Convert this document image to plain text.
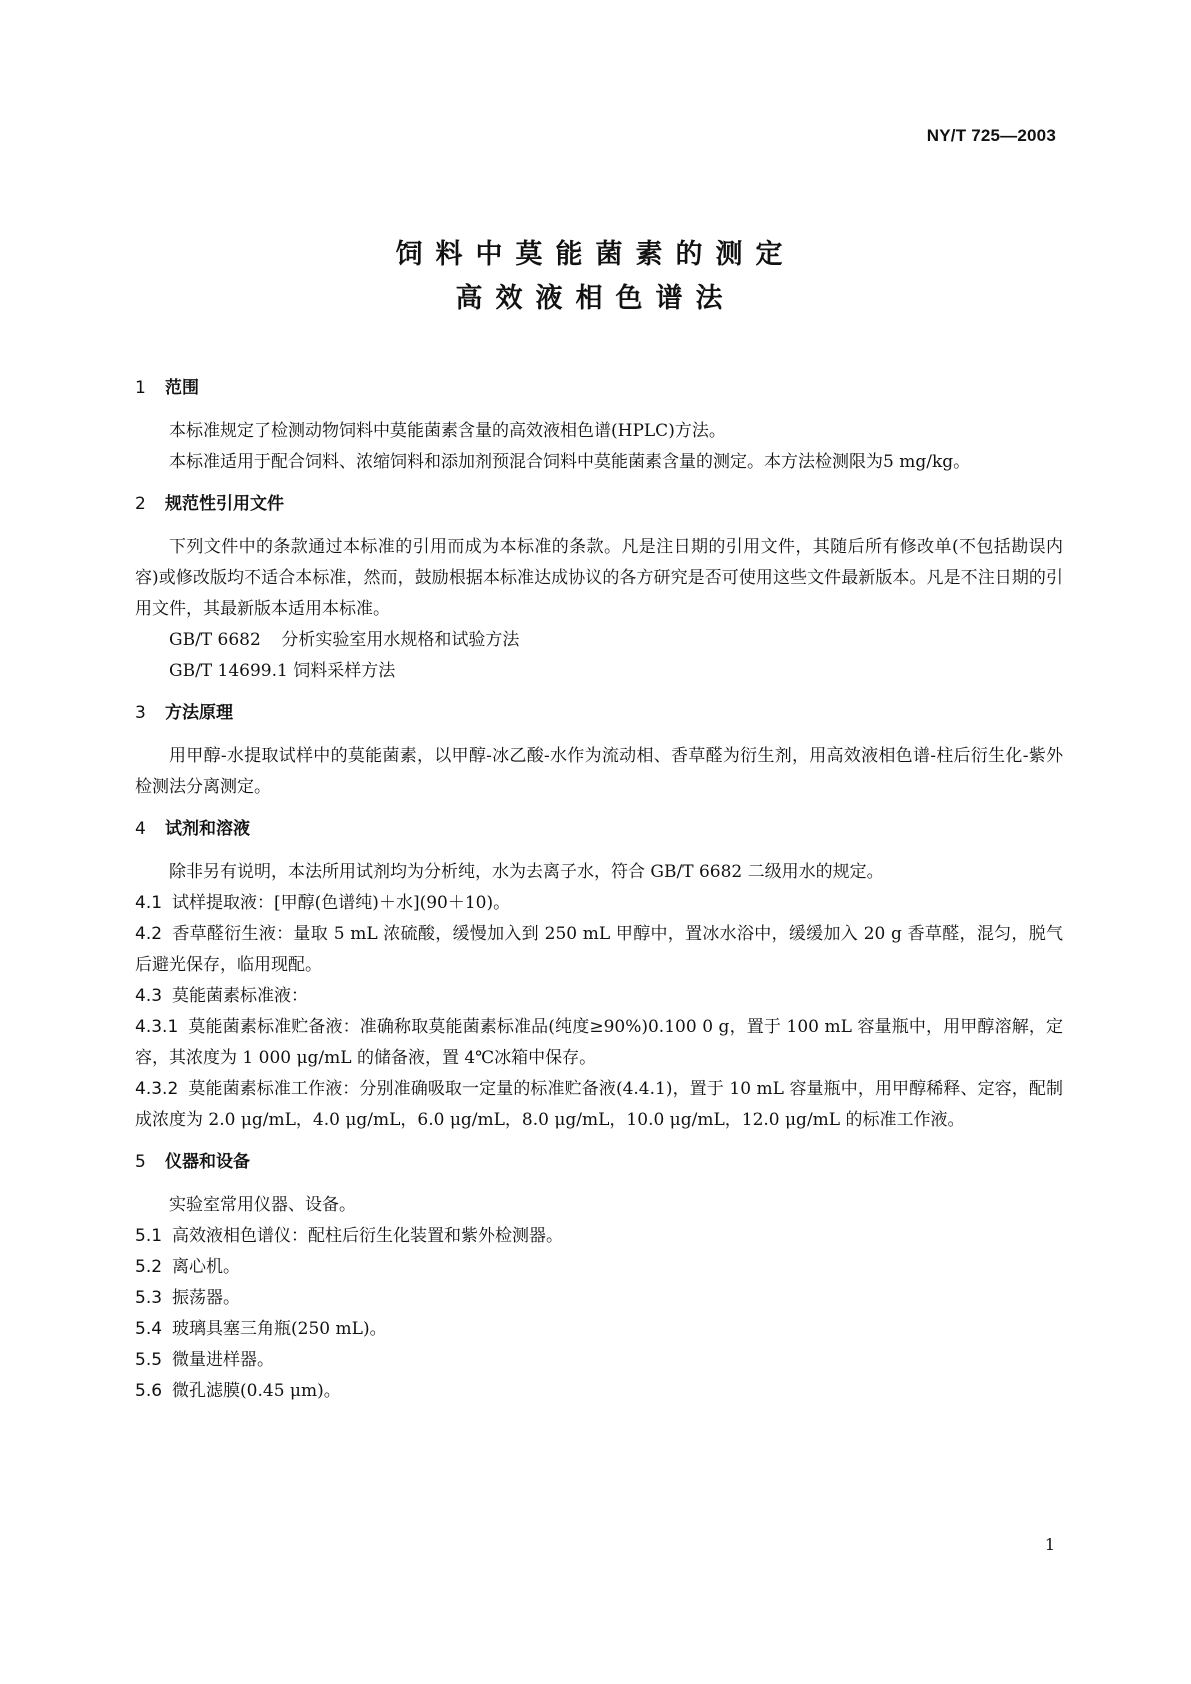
NY/T 725—2003
饲料中莫能菌素的测定
高效液相色谱法
1 范围

本标准规定了检测动物饲料中莫能菌素含量的高效液相色谱(HPLC)方法。

本标准适用于配合饲料、浓缩饲料和添加剂预混合饲料中莫能菌素含量的测定。本方法检测限为5 mg/kg。

2 规范性引用文件

下列文件中的条款通过本标准的引用而成为本标准的条款。凡是注日期的引用文件，其随后所有修改单(不包括勘误内容)或修改版均不适合本标准，然而，鼓励根据本标准达成协议的各方研究是否可使用这些文件最新版本。凡是不注日期的引用文件，其最新版本适用本标准。

GB/T 6682 分析实验室用水规格和试验方法

GB/T 14699.1 饲料采样方法

3 方法原理

用甲醇-水提取试样中的莫能菌素，以甲醇-冰乙酸-水作为流动相、香草醛为衍生剂，用高效液相色谱-柱后衍生化-紫外检测法分离测定。

4 试剂和溶液

除非另有说明，本法所用试剂均为分析纯，水为去离子水，符合 GB/T 6682 二级用水的规定。

4.1 试样提取液：[甲醇(色谱纯)＋水](90＋10)。

4.2 香草醛衍生液：量取 5 mL 浓硫酸，缓慢加入到 250 mL 甲醇中，置冰水浴中，缓缓加入 20 g 香草醛，混匀，脱气后避光保存，临用现配。

4.3 莫能菌素标准液：

4.3.1 莫能菌素标准贮备液：准确称取莫能菌素标准品(纯度≥90%)0.100 0 g，置于 100 mL 容量瓶中，用甲醇溶解，定容，其浓度为 1 000 μg/mL 的储备液，置 4℃冰箱中保存。

4.3.2 莫能菌素标准工作液：分别准确吸取一定量的标准贮备液(4.4.1)，置于 10 mL 容量瓶中，用甲醇稀释、定容，配制成浓度为 2.0 μg/mL，4.0 μg/mL，6.0 μg/mL，8.0 μg/mL，10.0 μg/mL，12.0 μg/mL 的标准工作液。

5 仪器和设备

实验室常用仪器、设备。

5.1 高效液相色谱仪：配柱后衍生化装置和紫外检测器。

5.2 离心机。

5.3 振荡器。

5.4 玻璃具塞三角瓶(250 mL)。

5.5 微量进样器。

5.6 微孔滤膜(0.45 μm)。

1
